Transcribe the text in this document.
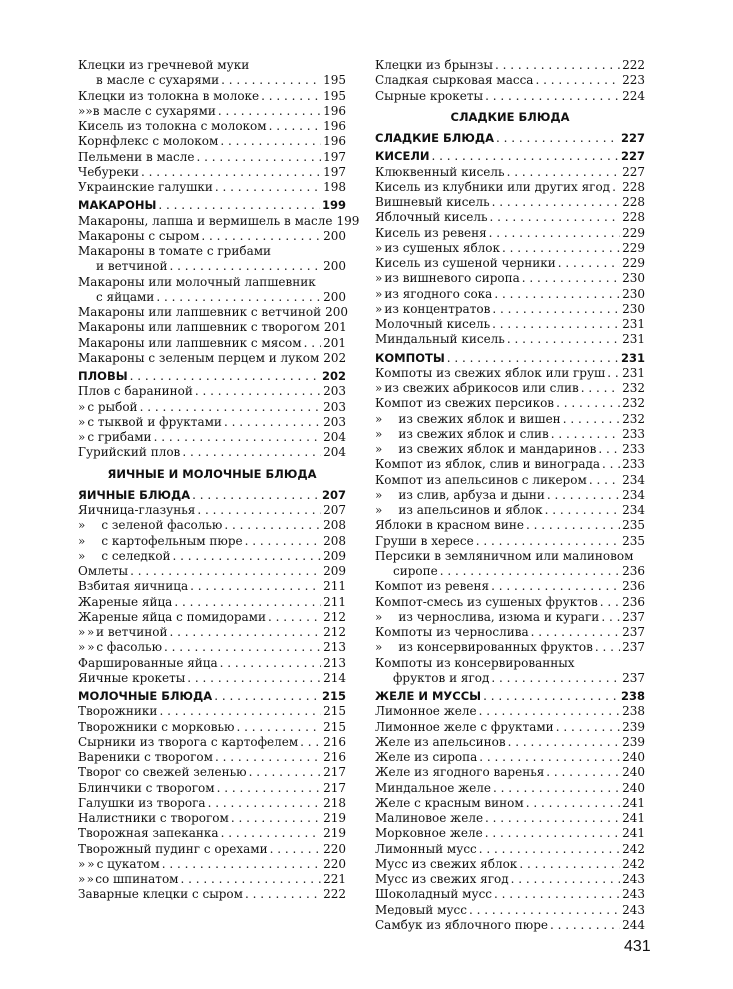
Клецки из гречневой муки
в масле с сухарями . . .	195
Клецки из толокна в молоке . . .	195
» » в масле с сухарями . . .	196
Кисель из толокна с молоком . . .	196
Корнфлекс с молоком . . .	196
Пельмени в масле . . .	197
Чебуреки . . .	197
Украинские галушки . . .	198
МАКАРОНЫ . . .	199
Макароны, лапша и вермишель в масле 199
Макароны с сыром . . .	200
Макароны в томате с грибами
и ветчиной . . .	200
Макароны или молочный лапшевник
с яйцами . . .	200
Макароны или лапшевник с ветчиной 200
Макароны или лапшевник с творогом 201
Макароны или лапшевник с мясом . . . 201
Макароны с зеленым перцем и луком 202
ПЛОВЫ . . .	202
Плов с бараниной . . .	203
» с рыбой . . .	203
» с тыквой и фруктами . . .	203
» с грибами . . .	204
Гурийский плов . . .	204
ЯИЧНЫЕ И МОЛОЧНЫЕ БЛЮДА
ЯИЧНЫЕ БЛЮДА . . .	207
Яичница-глазунья . . .	207
»	с зеленой фасолью . . .	208
»	с картофельным пюре . . .	208
»	с селедкой . . .	209
Омлеты . . .	209
Взбитая яичница . . .	211
Жареные яйца . . .	211
Жареные яйца с помидорами . . .	212
» » и ветчиной . . .	212
» » с фасолью . . .	213
Фаршированные яйца . . .	213
Яичные крокеты . . .	214
МОЛОЧНЫЕ БЛЮДА . . .	215
Творожники . . .	215
Творожники с морковью . . .	215
Сырники из творога с картофелем . . . 216
Вареники с творогом . . .	216
Творог со свежей зеленью . . .	217
Блинчики с творогом . . .	217
Галушки из творога . . .	218
Налистники с творогом . . .	219
Творожная запеканка . . .	219
Творожный пудинг с орехами . . .	220
» » с цукатом . . .	220
» » со шпинатом . . .	221
Заварные клецки с сыром . . .	222
Клецки из брынзы . . .	222
Сладкая сырковая масса . . .	223
Сырные крокеты . . .	224
СЛАДКИЕ БЛЮДА
СЛАДКИЕ БЛЮДА . . .	227
КИСЕЛИ . . .	227
Клюквенный кисель . . .	227
Кисель из клубники или других ягод . . . 228
Вишневый кисель . . .	228
Яблочный кисель . . .	228
Кисель из ревеня . . .	229
» из сушеных яблок . . .	229
Кисель из сушеной черники . . .	229
» из вишневого сиропа . . .	230
» из ягодного сока . . .	230
» из концентратов . . .	230
Молочный кисель . . .	231
Миндальный кисель . . .	231
КОМПОТЫ . . .	231
Компоты из свежих яблок или груш . . . 231
» из свежих абрикосов или слив . . .	232
Компот из свежих персиков . . .	232
»	из свежих яблок и вишен . . .	232
»	из свежих яблок и слив . . .	233
»	из свежих яблок и мандаринов . . . 233
Компот из яблок, слив и винограда . . . 233
Компот из апельсинов с ликером . . .	234
»	из слив, арбуза и дыни . . .	234
»	из апельсинов и яблок . . .	234
Яблоки в красном вине . . .	235
Груши в хересе . . .	235
Персики в земляничном или малиновом
сиропе . . .	236
Компот из ревеня . . .	236
Компот-смесь из сушеных фруктов . . . 236
»	из чернослива, изюма и кураги . . . 237
Компоты из чернослива . . .	237
»	из консервированных фруктов . . . 237
Компоты из консервированных
фруктов и ягод . . .	237
ЖЕЛЕ И МУССЫ . . .	238
Лимонное желе . . .	238
Лимонное желе с фруктами . . .	239
Желе из апельсинов . . .	239
Желе из сиропа . . .	240
Желе из ягодного варенья . . .	240
Миндальное желе . . .	240
Желе с красным вином . . .	241
Малиновое желе . . .	241
Морковное желе . . .	241
Лимонный мусс . . .	242
Мусс из свежих яблок . . .	242
Мусс из свежих ягод . . .	243
Шоколадный мусс . . .	243
Медовый мусс . . .	243
Самбук из яблочного пюре . . .	244
431
